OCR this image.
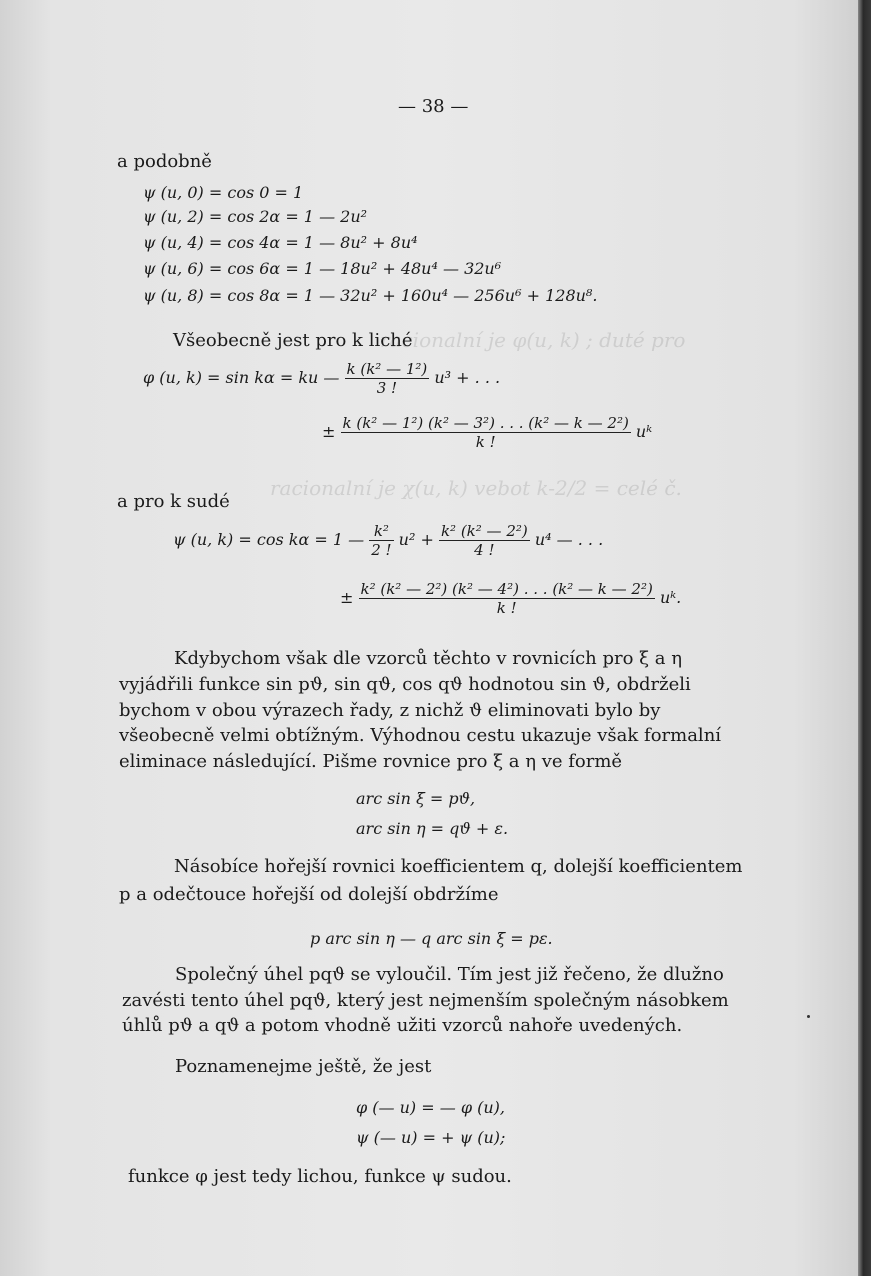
racionalní je φ(u, k) ; duté pro
racionalní je χ(u, k) vebot k-2/2 = celé č.
— 38 —
a podobně
ψ (u, 0) = cos 0 = 1
ψ (u, 2) = cos 2α = 1 — 2u²
ψ (u, 4) = cos 4α = 1 — 8u² + 8u⁴
ψ (u, 6) = cos 6α = 1 — 18u² + 48u⁴ — 32u⁶
ψ (u, 8) = cos 8α = 1 — 32u² + 160u⁴ — 256u⁶ + 128u⁸.
Všeobecně jest pro k liché
φ (u, k) = sin kα = ku — $\frac{\text{k (k² — 1²)}}{3 !} u^3$ + . . .
± $\frac{\text{k (k² — 1²) (k² — 3²) . . . (k² — k — 2²)}}{k !}$ uᵏ
a pro k sudé
ψ (u, k) = cos kα = 1 — $\frac{\text{k²}}{2 !} u^2 + \frac{\text{k² (k² — 2²)}}{4 !} u^4$ — . . .
± $\frac{\text{k² (k² — 2²) (k² — 4²) . . . (k² — k — 2²)}}{k !}$ uᵏ.
Kdybychom však dle vzorců těchto v rovnicích pro ξ a η
vyjádřili funkce sin pϑ, sin qϑ, cos qϑ hodnotou sin ϑ, obdrželi
bychom v obou výrazech řady, z nichž ϑ eliminovati bylo by
všeobecně velmi obtížným. Výhodnou cestu ukazuje však formalní
eliminace následující. Pišme rovnice pro ξ a η ve formě
arc sin ξ = pϑ,
arc sin η = qϑ + ε.
Násobíce hořejší rovnici koefficientem q, dolejší koefficientem
p a odečtouce hořejší od dolejší obdržíme
p arc sin η — q arc sin ξ = pε.
Společný úhel pqϑ se vyloučil. Tím jest již řečeno, že dlužno
zavésti tento úhel pqϑ, který jest nejmenším společným násobkem
úhlů pϑ a qϑ a potom vhodně užiti vzorců nahoře uvedených.
Poznamenejme ještě, že jest
φ (— u) = — φ (u),
ψ (— u) = + ψ (u);
funkce φ jest tedy lichou, funkce ψ sudou.
